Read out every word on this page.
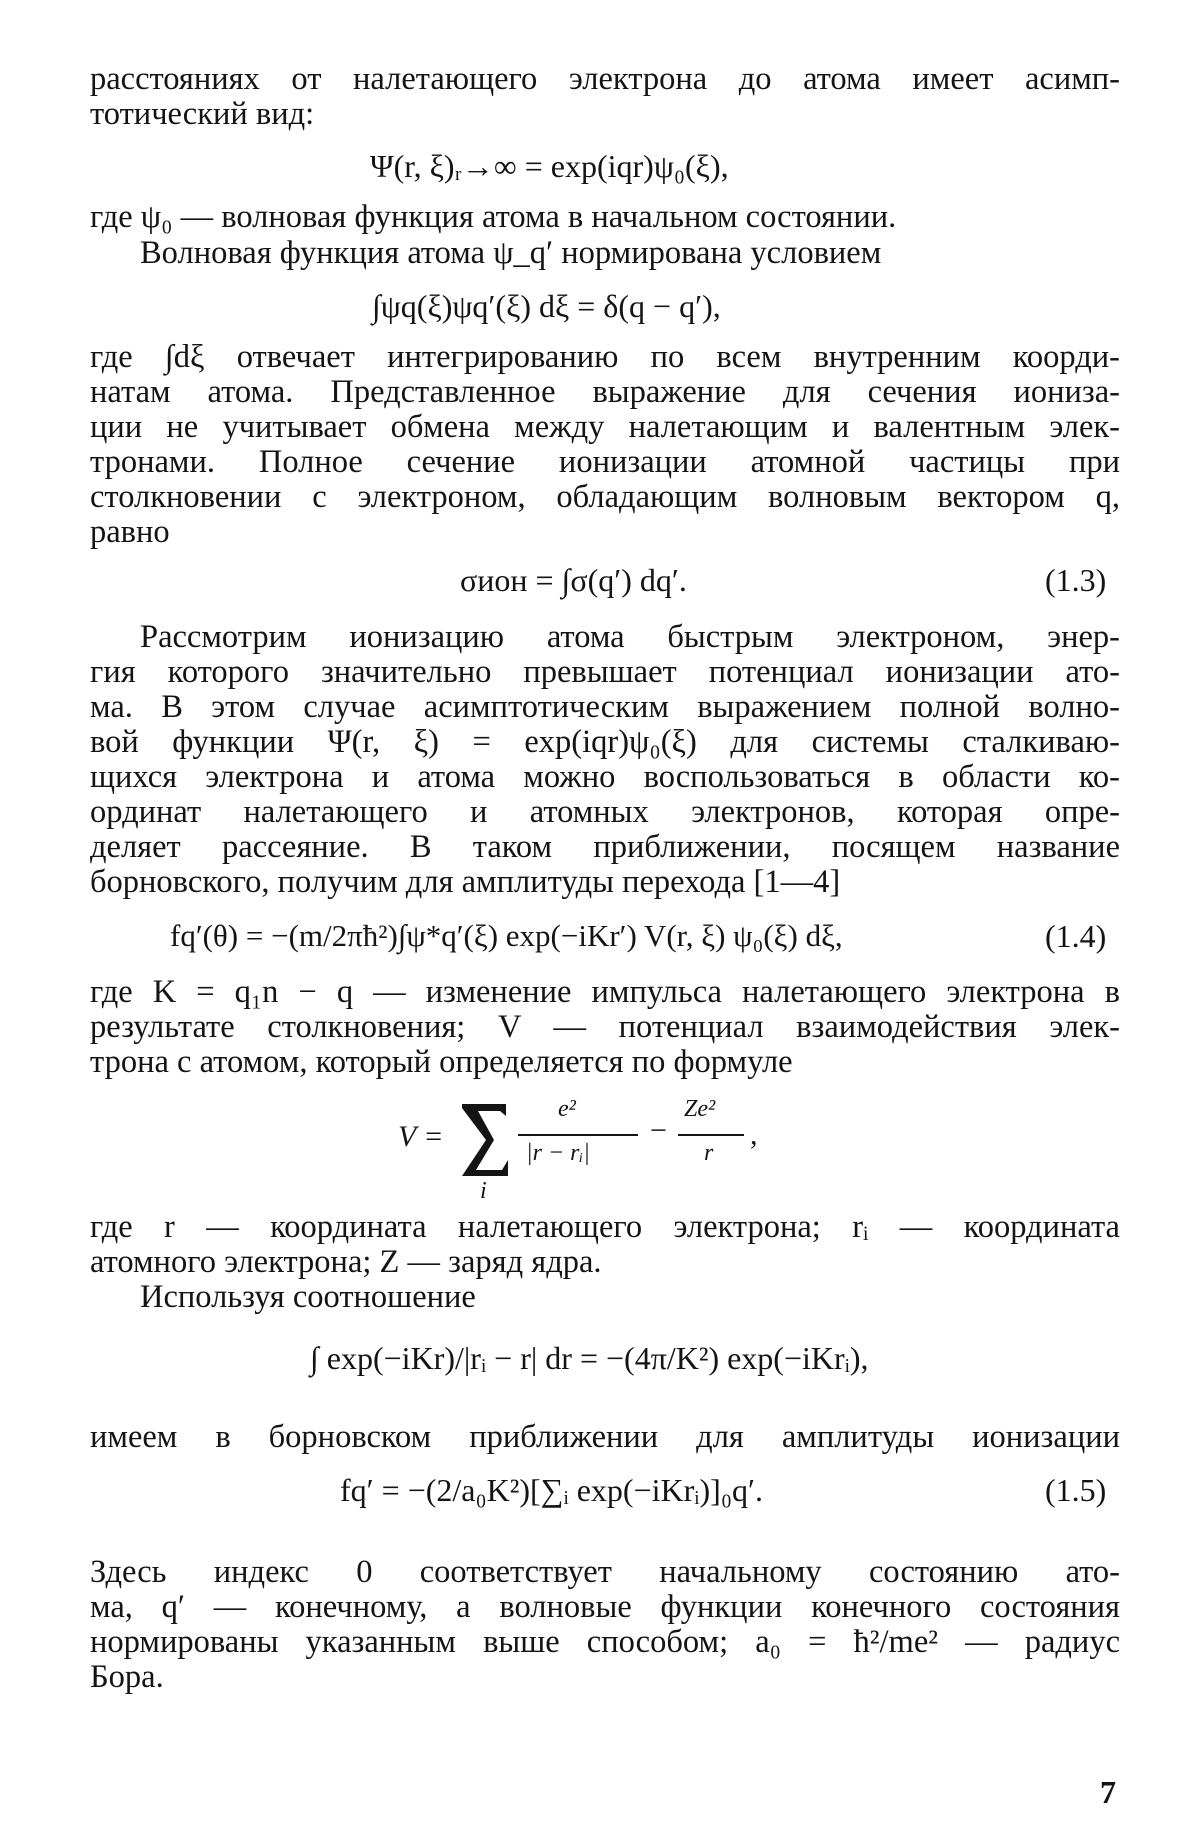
расстояниях от налетающего электрона до атома имеет асимп-

тотический вид:

Ψ(r, ξ)ᵣ→∞ = exp(iqr)ψ₀(ξ),

где ψ₀ — волновая функция атома в начальном состоянии.

Волновая функция атома ψ_q′ нормирована условием

∫ψq(ξ)ψq′(ξ) dξ = δ(q − q′),

где ∫dξ отвечает интегрированию по всем внутренним коорди-

натам атома. Представленное выражение для сечения иониза-

ции не учитывает обмена между налетающим и валентным элек-

тронами. Полное сечение ионизации атомной частицы при

столкновении с электроном, обладающим волновым вектором q,

равно

σион = ∫σ(q′) dq′.	(1.3)

Рассмотрим ионизацию атома быстрым электроном, энер-

гия которого значительно превышает потенциал ионизации ато-

ма. В этом случае асимптотическим выражением полной волно-

вой функции Ψ(r, ξ) = exp(iqr)ψ₀(ξ) для системы сталкиваю-

щихся электрона и атома можно воспользоваться в области ко-

ординат налетающего и атомных электронов, которая опре-

деляет рассеяние. В таком приближении, посящем название

борновского, получим для амплитуды перехода [1—4]

fq′(θ) = −(m/2πħ²)∫ψ*q′(ξ) exp(−iKr′) V(r, ξ) ψ₀(ξ) dξ,	(1.4)

где K = q₁n − q — изменение импульса налетающего электрона в

результате столкновения; V — потенциал взаимодействия элек-

трона с атомом, который определяется по формуле

V =
i
e²
|r − rᵢ|
−
Ze²
r
,

где r — координата налетающего электрона; rᵢ — координата

атомного электрона; Z — заряд ядра.

Используя соотношение

∫ exp(−iKr)/|rᵢ − r| dr = −(4π/K²) exp(−iKrᵢ),

имеем в борновском приближении для амплитуды ионизации

fq′ = −(2/a₀K²)[∑ᵢ exp(−iKrᵢ)]₀q′.	(1.5)

Здесь индекс 0 соответствует начальному состоянию ато-

ма, q′ — конечному, а волновые функции конечного состояния

нормированы указанным выше способом; a₀ = ħ²/me² — радиус

Бора.

7
